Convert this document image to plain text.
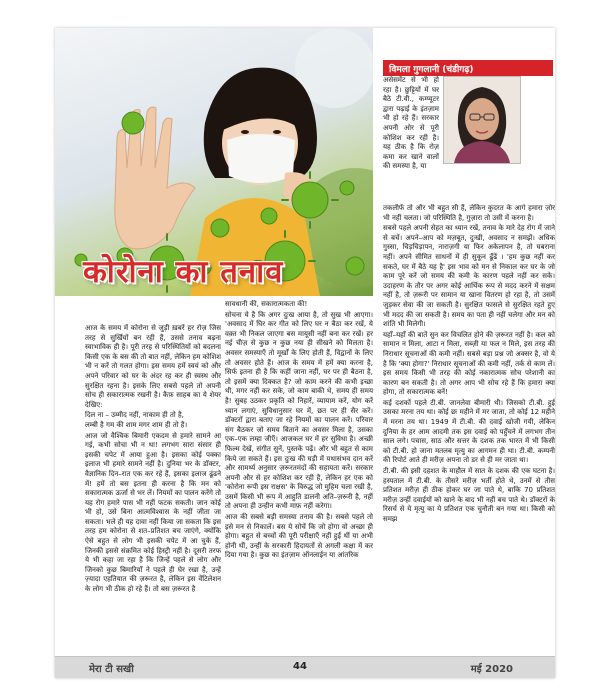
कोरोना का तनाव
विमला गुगलानी (चंडीगढ़)

आज के समय में कोरोना से जुड़ी ख़बरें हर रोज़ जिस तरह से सुर्खियों बन रही हैं, उससे तनाव बढ़ना स्वाभाविक ही है। पूरी तरह से परिस्थितियों को बदलना किसी एक के बस की तो बात नहीं, लेकिन हम कोशिश भी न करें तो गलत होगा। इस समय हमें स्वयं को और अपने परिवार को घर के अंदर रह कर ही स्वस्थ और सुरक्षित रहना है। इसके लिए सबसे पहले तो अपनी सोच ही सकारात्मक रखनी है। कैफ़ साहब का ये शेयर देखिए:

दिल ना – उम्मीद नहीं, नाकाम ही तो है,

लम्बी है गम की शाम मगर शाम ही तो है।

आज जो वैश्विक बिमारी एकदम से हमारे सामने आ गई, कभी सोचा भी न था! लगभग सारा संसार ही इसकी चपेट में आया हुआ है। इसका कोई पक्का इलाज भी हमारे सामने नहीं है। दुनिया भर के डॉक्टर, वैज्ञानिक दिन–रात एक कर रहे हैं, इसका इलाज ढूंढने में! हमें तो बस इतना ही करना है कि मन को सकारात्मक ऊर्जा से भर लें। नियमों का पालन करेंगे तो यह रोग हमारे पास भी नहीं फटक सकती। जान कोई भी हो, उसे बिना आत्मविश्वास के नहीं जीता जा सकता। भले ही यह दावा नहीं किया जा सकता कि इस तरह हम कोरोना से शत–प्रतिशत बच जाएंगे, क्योंकि ऐसे बहुत से लोग भी इसकी चपेट में आ चुके हैं, जिनकी इससे संक्रमित कोई हिस्ट्री नहीं है। दूसरी तरफ ये भी कहा जा रहा है कि जिन्हें पहले से लोग और जिनको कुछ बिमारियाँ ने पहले ही घेर रखा है, उन्हें ज़्यादा एहतियात की ज़रूरत है, लेकिन इस वेंटिलेशन के लोग भी ठीक हो रहे हैं। तो बस ज़रूरत है

सावधानी की, सकारात्मकता की!

सोचना ये है कि अगर दुःख आया है, तो सुख भी आएगा। 'अवसाद में घिर कर गीत को लिए घर न बैठा कर रखें, ये वक़्त भी निकल जाएगा बस मायूसी नहीं बना कर रखें। हर नई चीज़ से कुछ न कुछ नया ही सीखने को मिलता है। अवसर समस्याएँ तो मूर्खों के लिए होती हैं, विद्वानों के लिए तो अवसर होते हैं। आज के समय में हमें क्या करना है, सिर्फ इतना ही है कि कहीं जाना नहीं, घर पर ही बैठना है, तो इसमें क्या दिक्कत है? जो काम करने की कभी इच्छा थी, मगर नहीं कर सके, जो काम बाकी थे, समय ही समय है! सुबह उठकर प्रकृति को निहारें, व्यायाम करें, योग करें ध्यान लगाएं, सुविधानुसार घर में, छत पर ही सैर करें। डॉक्टरों द्वारा बताए जा रहे नियमों का पालन करें। परिवार संग बैठकर जो समय बिताने का अवसर मिला है, उसका एक–एक लम्हा जीएँ। आजकल घर में हर सुविधा है। अच्छी फिल्म देखें, संगीत सुनें, पुस्तकें पढ़ें। और भी बहुत से काम किये जा सकते हैं। इस दुःख की घड़ी में यथासंभव दान करें और सामर्थ्य अनुसार ज़रूरतमंदों की सहायता करें। सरकार अपनी और से हर कोशिश कर रही है, लेकिन हर एक को 'कोरोना रूपी इस राक्षस' के विरुद्ध जो मुहिम चला रखी है, उसमें किसी भी रूप में आहुति डालनी अति–ज़रूरी है, नहीं तो अपना ही उन्हीन कभी माफ़ नहीं करेगा।

आज की सबसे बड़ी समस्या तनाव की है। सबसे पहले तो इसे मन से निकालें। बस ये सोचें कि जो होगा वो अच्छा ही होगा। बहुत से बच्चों की पूरी परीक्षाएँ नहीं हुईं थीं या अभी होनी थीं, उन्हीं के सरकारी हिदायतों से अगली कक्षा में कर दिया गया है। कुछ का इंतज़ाम ऑनलाईन या आंतरिक

असेसमेंट से भी हो रहा है। छुट्टियों में घर बैठे टी.वी., कम्प्यूटर द्वारा पढ़ाई के इंतज़ाम भी हो रहे हैं। सरकार अपनी ओर से पूरी कोशिश कर रही है। यह ठीक है कि रोज़ कमा कर खाने वालों की समस्या है, या

तकलीफें तो और भी बहुत सी हैं, लेकिन कुदरत के आगे हमारा ज़ोर भी नहीं चलता। जो परिस्थिति है, गुज़ारा तो उसी में करना है।

सबसे पहले अपनी सेहत का ध्यान रखें, तनाव के मारे देह रोग में जाने से बचें। अपने–आप को मज़बूत, दुःखी, अवसाद न समझें। अधिक गुस्सा, चिड़चिड़ापन, नाराज़गी या फिर अकेलापन है, तो घबराना नहीं। अपने सीमित साधनों में ही सुकून ढूँढें । 'हम कुछ नहीं कर सकते, घर में बैठे यह है' इस भाव को मन से निकाल कर घर के जो काम पूरे करें जो समय की कमी के कारण पहले नहीं कर सके। उदाहरण के तौर पर अगर कोई आर्थिक रूप से मदद करने में सक्षम नहीं है, तो ज़रूरी पर सामान या खाना वितरण हो रहा है, तो उसमें जुड़कर सेवा की जा सकती है। सुरक्षित फासले से सुरक्षित रहते हुए भी मदद की जा सकती है। समय का पता ही नहीं चलेगा और मन को शांति भी मिलेगी।

यहाँ–यहाँ की बातें सुन कर विचलित होने की ज़रूरत नहीं है। कल को सामान न मिला, आटा न मिला, सब्ज़ी या फल न मिले, इस तरह की निराधार सूचनाओं की कमी नहीं। सबसे बड़ा प्रश्न जो अक्सर है, वो ये है कि 'क्या होगा?' निराधार सूचनाओं की कमी नहीं, तर्क से काम लें। इस समय किसी भी तरह की कोई नकारात्मक सोच परेशानी का कारण बन सकती है। तो अगर आप भी सोच रहे हैं कि हमारा क्या होगा, तो सकारात्मक बनें!

कई दशकों पहले टी.बी. जानलेवा बीमारी थी। जिसको टी.बी. हुई उसका मरना तय था। कोई छः महीने में मर जाता, तो कोई 12 महीने में मरना तय था। 1949 में टी.बी. की दवाई खोजी गयी, लेकिन दुनिया के हर आम आदमी तक इस दवाई को पहुँचने में लगभग तीन साल लगे। पचास, साठ और सत्तर के दशक तक भारत में भी किसी को टी.बी. हो जाना मतलब मृत्यु का आगमन ही था। टी.बी. कम्पनी की रिपोर्ट आते ही मरीज़ अपना तो डर से ही मर जाता था।

टी.बी. की इसी दहशत के माहौल में सात के दशक की एक घटना है। हस्पताल में टी.बी. के तीसरे मरीज़ भर्ती होते थे, उनमें से तीस प्रतिशत मरीज़ ही ठीक होकर घर जा पाते थे, बाकि 70 प्रतिशत मरीज़ उन्हीं दवाईयों को खाने के बाद भी नहीं बच पाते थे। डॉक्टरों के रिसर्च से ये मृत्यु का ये प्रतिशत एक चुनौती बन गया था। किसी को समझ

मेरा टी सखी	44	मई 2020
